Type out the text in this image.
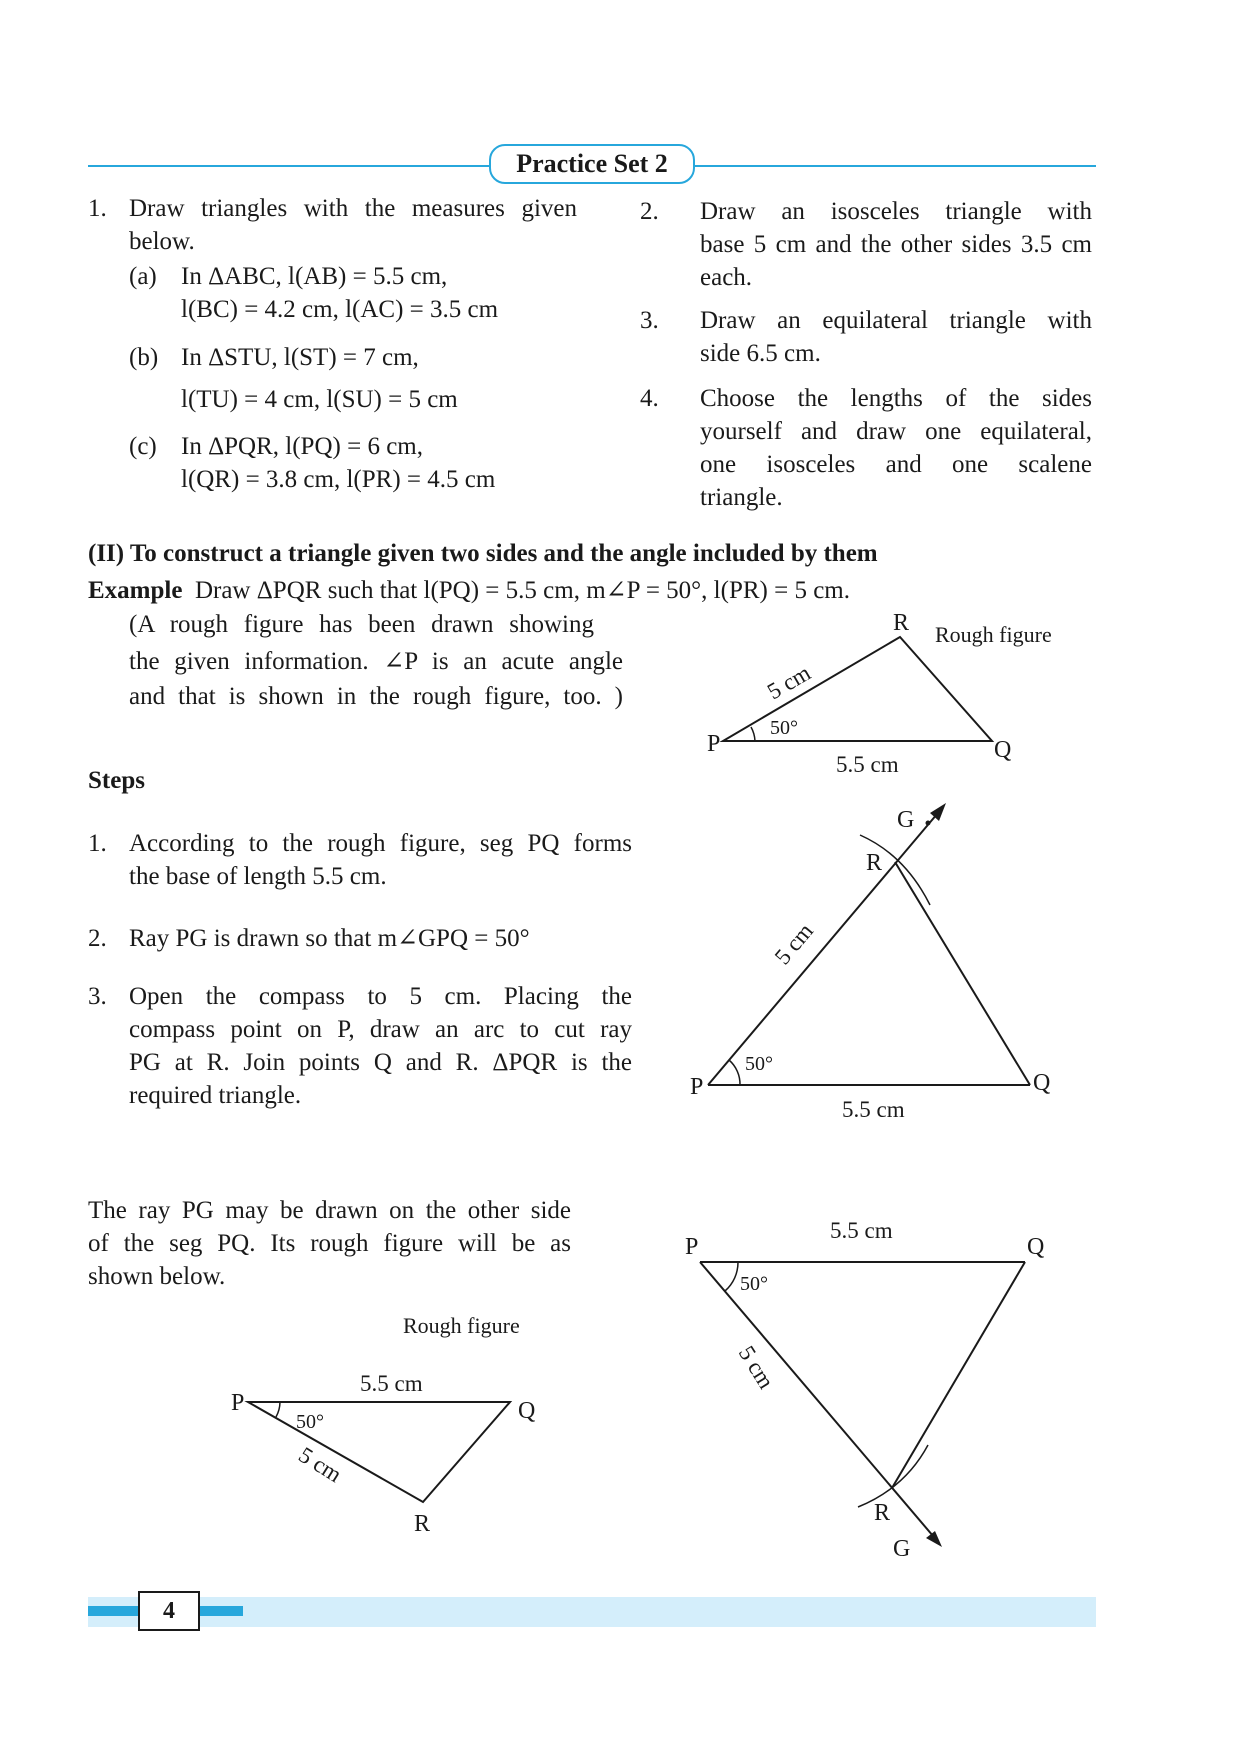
Practice Set 2
1. Draw triangles with the measures given
below.
(a) In ΔABC, l(AB) = 5.5 cm,
l(BC) = 4.2 cm, l(AC) = 3.5 cm
(b) In ΔSTU, l(ST) = 7 cm,
l(TU) = 4 cm, l(SU) = 5 cm
(c) In ΔPQR, l(PQ) = 6 cm,
l(QR) = 3.8 cm, l(PR) = 4.5 cm
2. Draw an isosceles triangle with
base 5 cm and the other sides 3.5 cm
each.
3. Draw an equilateral triangle with
side 6.5 cm.
4. Choose the lengths of the sides
yourself and draw one equilateral,
one isosceles and one scalene
triangle.
(II) To construct a triangle given two sides and the angle included by them
Example Draw ΔPQR such that l(PQ) = 5.5 cm, m∠P = 50°, l(PR) = 5 cm.
(A rough figure has been drawn showing
the given information. ∠P is an acute angle
and that is shown in the rough figure, too. )
Steps
1. According to the rough figure, seg PQ forms
the base of length 5.5 cm.
2. Ray PG is drawn so that m∠GPQ = 50°
3. Open the compass to 5 cm. Placing the
compass point on P, draw an arc to cut ray
PG at R. Join points Q and R. ΔPQR is the
required triangle.
The ray PG may be drawn on the other side
of the seg PQ. Its rough figure will be as
shown below.
R Rough figure
P	Q
5 cm
50°
5.5 cm
G
R
5 cm
50°
P	Q
5.5 cm
Rough figure
5.5 cm
P	Q
50°
5 cm
R
5.5 cm
P	Q
50°
5 cm
R
G
4
